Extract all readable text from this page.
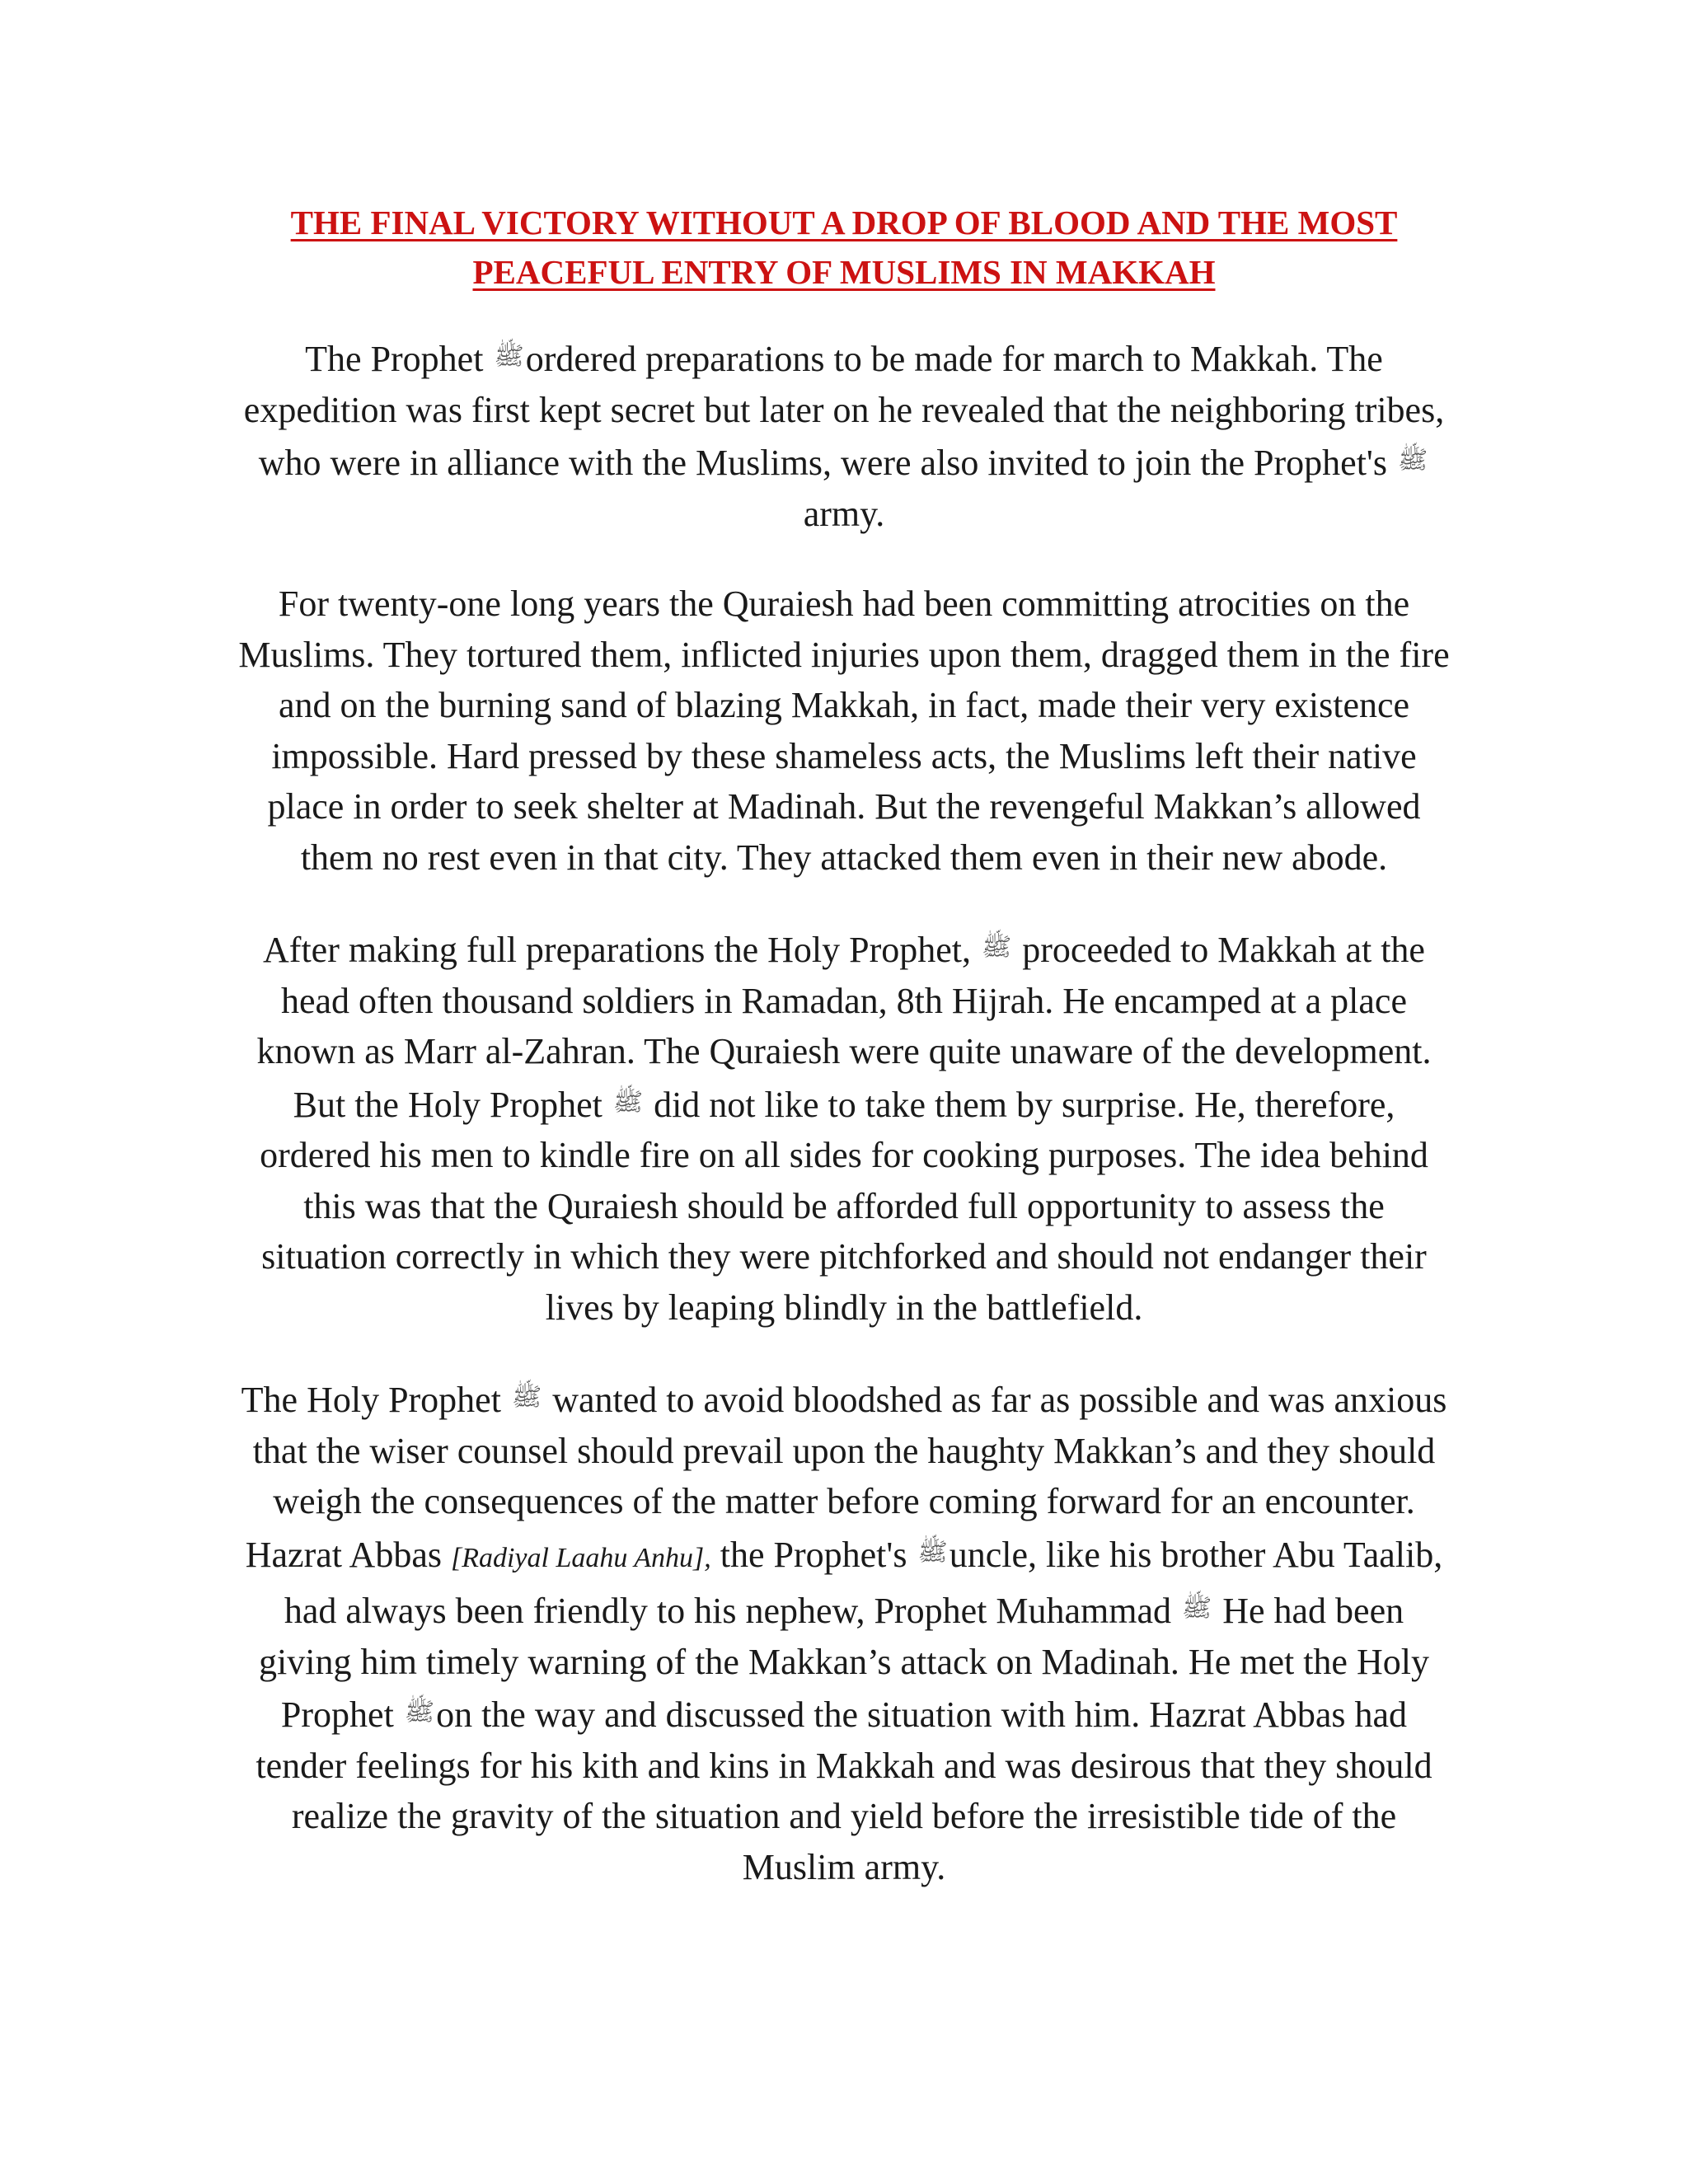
THE FINAL VICTORY WITHOUT A DROP OF BLOOD AND THE MOST
PEACEFUL ENTRY OF MUSLIMS IN MAKKAH

The Prophet ﷺordered preparations to be made for march to Makkah. The
expedition was first kept secret but later on he revealed that the neighboring tribes,
who were in alliance with the Muslims, were also invited to join the Prophet's ﷺ
army.

For twenty-one long years the Quraiesh had been committing atrocities on the
Muslims. They tortured them, inflicted injuries upon them, dragged them in the fire
and on the burning sand of blazing Makkah, in fact, made their very existence
impossible. Hard pressed by these shameless acts, the Muslims left their native
place in order to seek shelter at Madinah. But the revengeful Makkan’s allowed
them no rest even in that city. They attacked them even in their new abode.

After making full preparations the Holy Prophet, ﷺ proceeded to Makkah at the
head often thousand soldiers in Ramadan, 8th Hijrah. He encamped at a place
known as Marr al-Zahran. The Quraiesh were quite unaware of the development.
But the Holy Prophet ﷺ did not like to take them by surprise. He, therefore,
ordered his men to kindle fire on all sides for cooking purposes. The idea behind
this was that the Quraiesh should be afforded full opportunity to assess the
situation correctly in which they were pitchforked and should not endanger their
lives by leaping blindly in the battlefield.

The Holy Prophet ﷺ wanted to avoid bloodshed as far as possible and was anxious
that the wiser counsel should prevail upon the haughty Makkan’s and they should
weigh the consequences of the matter before coming forward for an encounter.
Hazrat Abbas [Radiyal Laahu Anhu], the Prophet's ﷺuncle, like his brother Abu Taalib,
had always been friendly to his nephew, Prophet Muhammad ﷺ He had been
giving him timely warning of the Makkan’s attack on Madinah. He met the Holy
Prophet ﷺon the way and discussed the situation with him. Hazrat Abbas had
tender feelings for his kith and kins in Makkah and was desirous that they should
realize the gravity of the situation and yield before the irresistible tide of the
Muslim army.
